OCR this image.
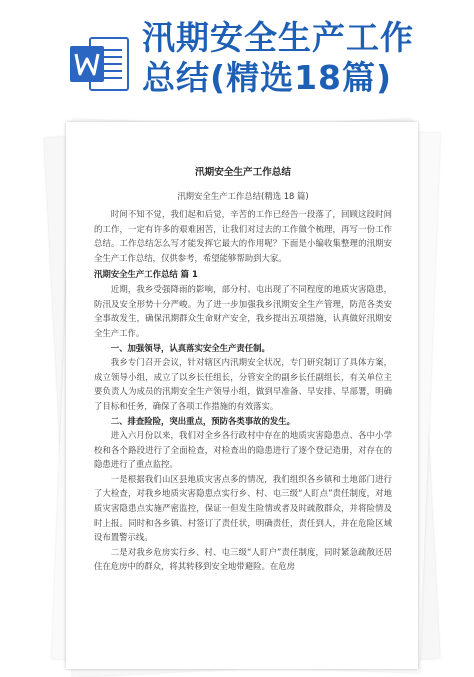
汛期安全生产工作
总结(精选18篇)
汛期安全生产工作总结

汛期安全生产工作总结(精选 18 篇)

时间不知不觉，我们起和后觉，辛苦的工作已经告一段落了，回顾这段时间的工作，一定有许多的艰难困苦，让我们对过去的工作做个梳理，再写一份工作总结。工作总结怎么写才能发挥它最大的作用呢？下面是小编收集整理的汛期安全生产工作总结，仅供参考，希望能够帮助到大家。

汛期安全生产工作总结 篇 1

近期，我乡受强降雨的影响，部分村、屯出现了不同程度的地质灾害隐患，防汛及安全形势十分严峻。为了进一步加强我乡汛期安全生产管理，防范各类安全事故发生，确保汛期群众生命财产安全，我乡提出五项措施，认真做好汛期安全生产工作。

一、加强领导，认真落实安全生产责任制。

我乡专门召开会议，针对辖区内汛期安全状况，专门研究制订了具体方案，成立领导小组，成立了以乡长任组长，分管安全的副乡长任副组长，有关单位主要负责人为成员的汛期安全生产领导小组，做到早准备、早安排、早部署，明确了目标和任务，确保了各项工作措施的有效落实。

二、排查险险，突出重点，预防各类事故的发生。

进入六月份以来，我们对全乡各行政村中存在的地质灾害隐患点、各中小学校和各个路段进行了全面检查，对检查出的隐患进行了逐个登记造册，对存在的隐患进行了重点监控。

一是根据我们山区县地质灾害点多的情况，我们组织各乡镇和土地部门进行了大检查，对我乡地质灾害隐患点实行乡、村、屯三级“人盯点”责任制度，对地质灾害隐患点实施严密监控，保证一但发生险情或者及时疏散群众，并将险情及时上报。同时和各乡镇、村签订了责任状，明确责任，责任到人，并在危险区域设布置警示线。

二是对我乡危房实行乡、村、屯三级“人盯户”责任制度，同时紧急疏散还居住在危房中的群众，将其转移到安全地带避险。在危房
